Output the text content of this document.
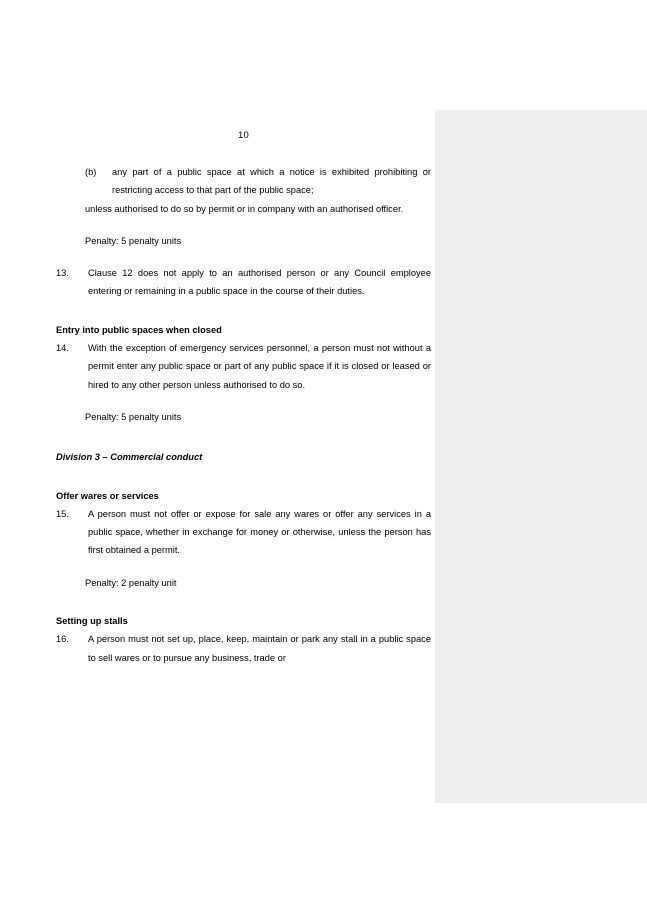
10
(b) any part of a public space at which a notice is exhibited prohibiting or restricting access to that part of the public space;
unless authorised to do so by permit or in company with an authorised officer.
Penalty: 5 penalty units
13.	Clause 12 does not apply to an authorised person or any Council employee entering or remaining in a public space in the course of their duties.
Entry into public spaces when closed
14.	With the exception of emergency services personnel, a person must not without a permit enter any public space or part of any public space if it is closed or leased or hired to any other person unless authorised to do so.
Penalty: 5 penalty units
Division 3 – Commercial conduct
Offer wares or services
15.	A person must not offer or expose for sale any wares or offer any services in a public space, whether in exchange for money or otherwise, unless the person has first obtained a permit.
Penalty: 2 penalty unit
Setting up stalls
16.	A person must not set up, place, keep, maintain or park any stall in a public space to sell wares or to pursue any business, trade or
